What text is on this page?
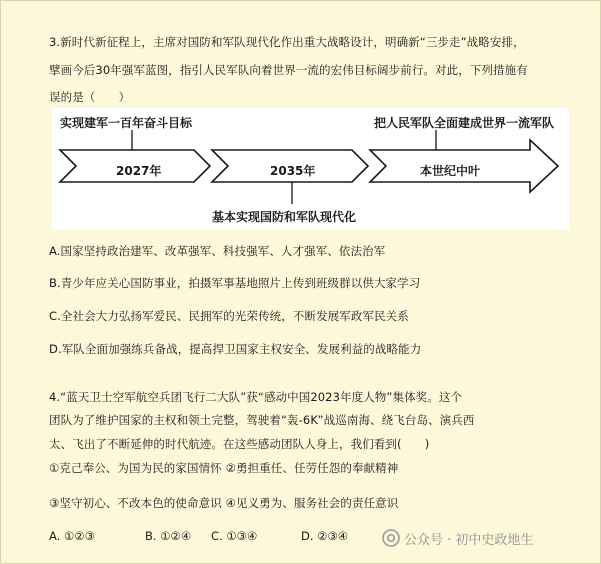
3.新时代新征程上，主席对国防和军队现代化作出重大战略设计，明确新“三步走”战略安排，
擘画今后30年强军蓝图，指引人民军队向着世界一流的宏伟目标阔步前行。对此，下列措施有
误的是（　　）
实现建军一百年奋斗目标	把人民军队全面建成世界一流军队
基本实现国防和军队现代化
2027年	2035年	本世纪中叶
A.国家坚持政治建军、改革强军、科技强军、人才强军、依法治军
B.青少年应关心国防事业，拍摄军事基地照片上传到班级群以供大家学习
C.全社会大力弘扬军爱民、民拥军的光荣传统，不断发展军政军民关系
D.军队全面加强练兵备战，提高捍卫国家主权安全、发展利益的战略能力
4.“蓝天卫士空军航空兵团飞行二大队”获“感动中国2023年度人物”集体奖。这个
团队为了维护国家的主权和领土完整，驾驶着“轰-6K”战巡南海、绕飞台岛、演兵西
太、飞出了不断延伸的时代航迹。在这些感动团队人身上，我们看到(　　)
①克己奉公、为国为民的家国情怀 ②勇担重任、任劳任怨的奉献精神
③坚守初心、不改本色的使命意识 ④见义勇为、服务社会的责任意识
A. ①②③	B. ①②④ C. ①③④	D. ②③④	公众号 · 初中史政地生
